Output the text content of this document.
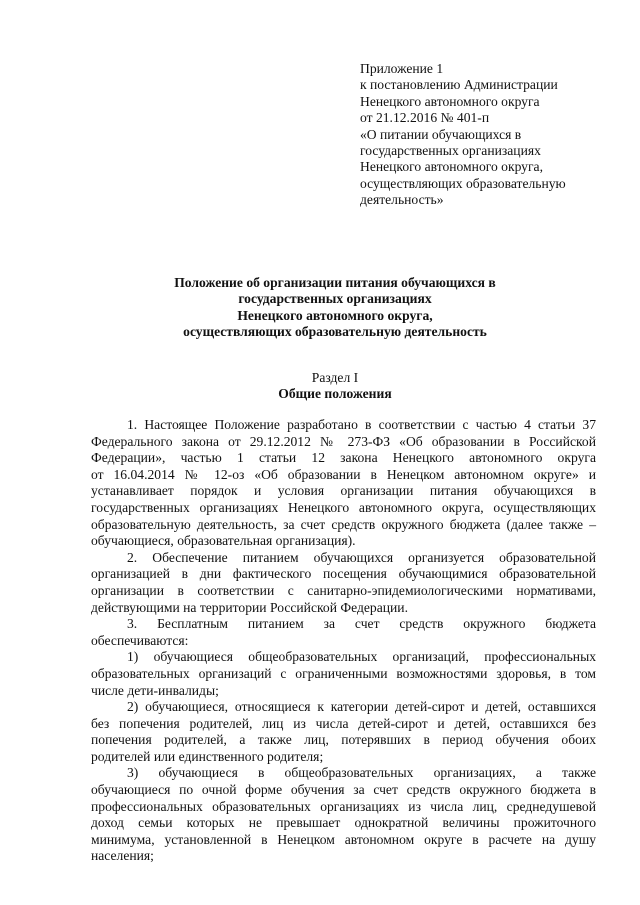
Приложение 1
к постановлению Администрации
Ненецкого автономного округа
от 21.12.2016 № 401-п
«О питании обучающихся в
государственных организациях
Ненецкого автономного округа,
осуществляющих образовательную
деятельность»
Положение об организации питания обучающихся в
государственных организациях
Ненецкого автономного округа,
осуществляющих образовательную деятельность
Раздел I
Общие положения

1. Настоящее Положение разработано в соответствии с частью 4 статьи 37
Федерального закона от 29.12.2012 № 273-ФЗ «Об образовании в Российской
Федерации», частью 1 статьи 12 закона Ненецкого автономного округа
от 16.04.2014 № 12-оз «Об образовании в Ненецком автономном округе» и
устанавливает порядок и условия организации питания обучающихся в
государственных организациях Ненецкого автономного округа, осуществляющих
образовательную деятельность, за счет средств окружного бюджета (далее также –
обучающиеся, образовательная организация).

2. Обеспечение питанием обучающихся организуется образовательной
организацией в дни фактического посещения обучающимися образовательной
организации в соответствии с санитарно-эпидемиологическими нормативами,
действующими на территории Российской Федерации.

3. Бесплатным питанием за счет средств окружного бюджета
обеспечиваются:

1) обучающиеся общеобразовательных организаций, профессиональных
образовательных организаций с ограниченными возможностями здоровья, в том
числе дети-инвалиды;

2) обучающиеся, относящиеся к категории детей-сирот и детей, оставшихся
без попечения родителей, лиц из числа детей-сирот и детей, оставшихся без
попечения родителей, а также лиц, потерявших в период обучения обоих
родителей или единственного родителя;

3) обучающиеся в общеобразовательных организациях, а также
обучающиеся по очной форме обучения за счет средств окружного бюджета в
профессиональных образовательных организациях из числа лиц, среднедушевой
доход семьи которых не превышает однократной величины прожиточного
минимума, установленной в Ненецком автономном округе в расчете на душу
населения;
